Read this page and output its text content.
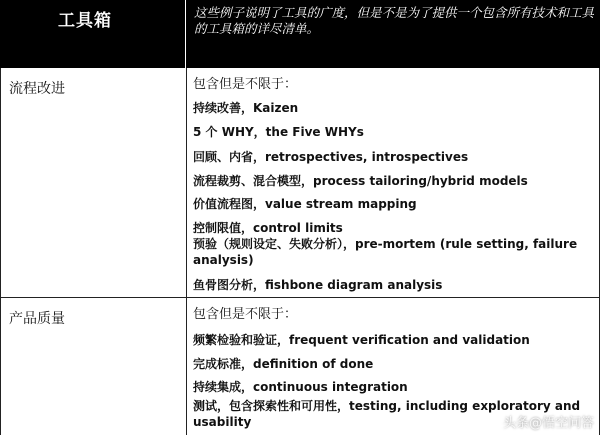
工具箱	这些例子说明了工具的广度，但是不是为了提供一个包含所有技术和工具的工具箱的详尽清单。
流程改进	包含但是不限于：
持续改善，Kaizen
5 个 WHY，the Five WHYs
回顾、内省，retrospectives, introspectives
流程裁剪、混合模型，process tailoring/hybrid models
价值流程图，value stream mapping
控制限值，control limits
预验（规则设定、失败分析），pre-mortem (rule setting, failure analysis)
鱼骨图分析，fishbone diagram analysis
产品质量	包含但是不限于：
频繁检验和验证，frequent verification and validation
完成标准，definition of done
持续集成，continuous integration
测试，包含探索性和可用性，testing, including exploratory and usability	头条@悟空问答
